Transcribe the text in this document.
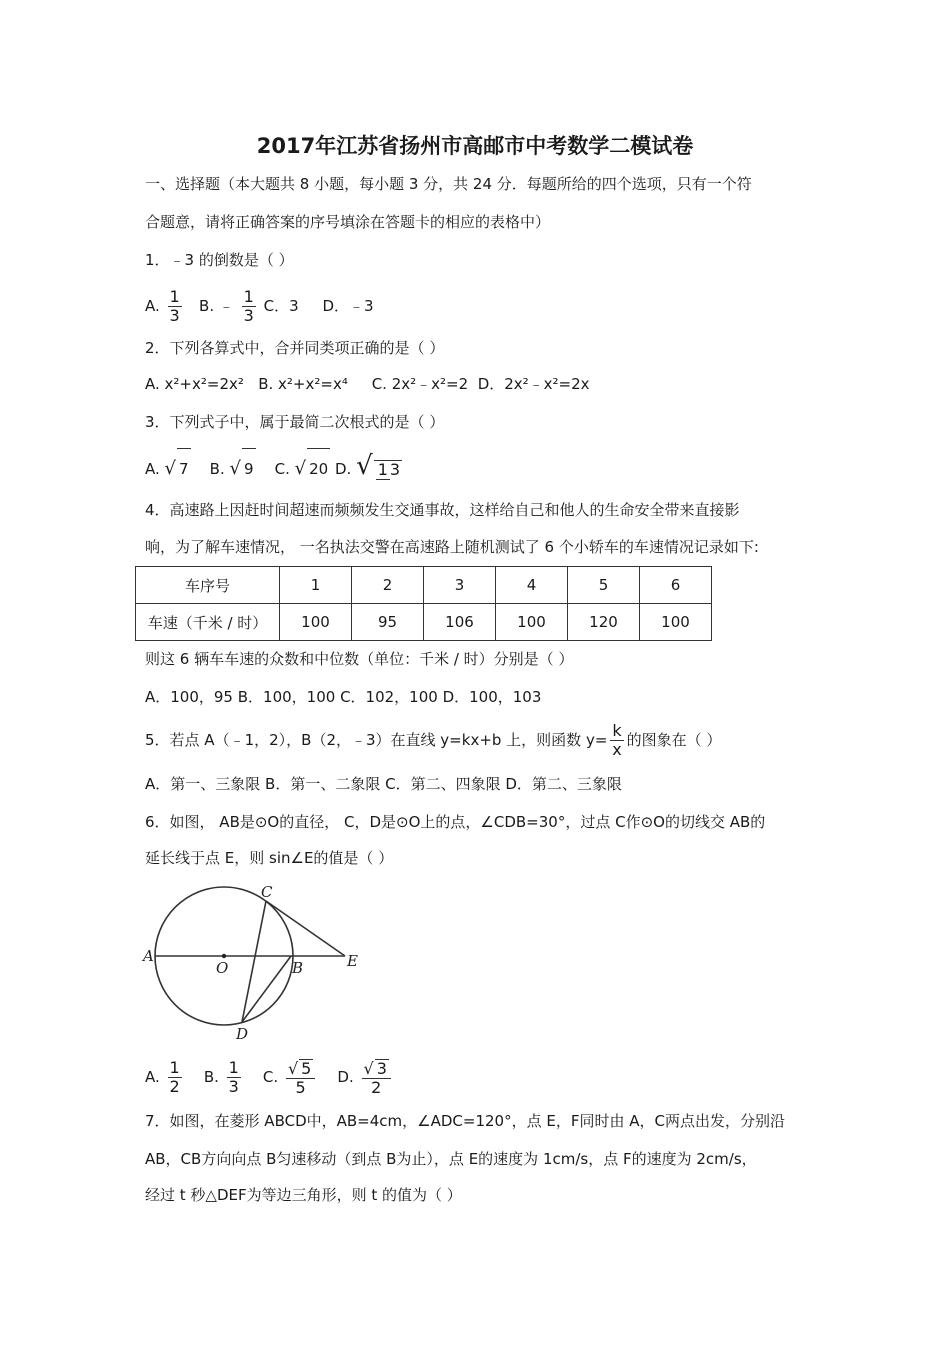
2017年江苏省扬州市高邮市中考数学二模试卷
一、选择题（本大题共 8 小题，每小题 3 分，共 24 分．每题所给的四个选项，只有一个符
合题意，请将正确答案的序号填涂在答题卡的相应的表格中）
1．﹣3 的倒数是（ ）
A. $\frac{1}{3} B$. ﹣ $\frac{1}{3}$ C．3 D．﹣3
2．下列各算式中，合并同类项正确的是（ ）
A. x²+x²=2x² B. x²+x²=x⁴ C. 2x²﹣x²=2 D．2x²﹣x²=2x
3．下列式子中，属于最简二次根式的是（ ）
A. √ 7 B. √ 9 C. √ 20 D. √ 1 3
4．高速路上因赶时间超速而频频发生交通事故，这样给自己和他人的生命安全带来直接影
响，为了解车速情况， 一名执法交警在高速路上随机测试了 6 个小轿车的车速情况记录如下:
车序号	1	2	3	4	5	6
车速（千米 / 时）	100	95	106	100	120	100
则这 6 辆车车速的众数和中位数（单位：千米 / 时）分别是（ ）
A．100，95 B．100，100 C．102，100 D．100，103
5．若点 A（﹣1，2），B（2，﹣3）在直线 y=kx+b 上，则函数 $y= \frac{k}{x}$ 的图象在（ ）
A．第一、三象限 B．第一、二象限 C．第二、四象限 D．第二、三象限
6．如图， AB是⊙O的直径， C，D是⊙O上的点，∠CDB=30°，过点 C作⊙O的切线交 AB的
延长线于点 E，则 sin∠E的值是（ ）
A
O	B	E
C
D
A. $\frac{1}{2} B$. $\frac{1}{3} C$. $\frac{√ 5}{5} D$. $\frac{√ 3}{2}$
7．如图，在菱形 ABCD中，AB=4cm，∠ADC=120°，点 E，F同时由 A，C两点出发，分别沿
AB，CB方向向点 B匀速移动（到点 B为止），点 E的速度为 1cm/s，点 F的速度为 2cm/s，
经过 t 秒△DEF为等边三角形，则 t 的值为（ ）
